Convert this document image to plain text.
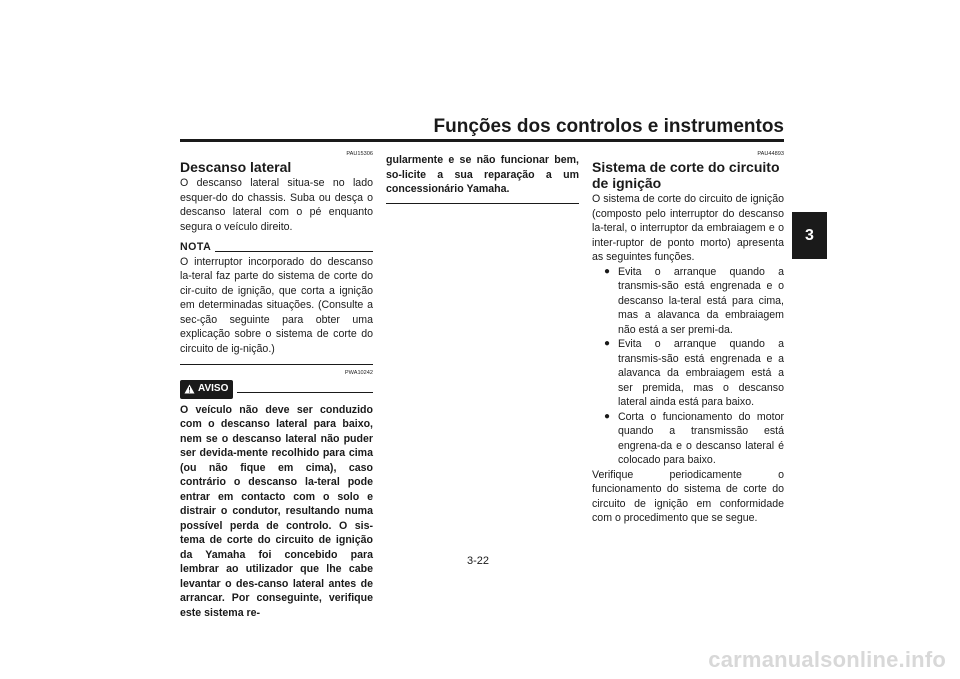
Funções dos controlos e instrumentos
3
PAU15306
Descanso lateral

O descanso lateral situa-se no lado esquer-do do chassis. Suba ou desça o descanso lateral com o pé enquanto segura o veículo direito.

NOTA

O interruptor incorporado do descanso la-teral faz parte do sistema de corte do cir-cuito de ignição, que corta a ignição em determinadas situações. (Consulte a sec-ção seguinte para obter uma explicação sobre o sistema de corte do circuito de ig-nição.)

PWA10242
AVISO

O veículo não deve ser conduzido com o descanso lateral para baixo, nem se o descanso lateral não puder ser devida-mente recolhido para cima (ou não fique em cima), caso contrário o descanso la-teral pode entrar em contacto com o solo e distrair o condutor, resultando numa possível perda de controlo. O sis-tema de corte do circuito de ignição da Yamaha foi concebido para lembrar ao utilizador que lhe cabe levantar o des-canso lateral antes de arrancar. Por conseguinte, verifique este sistema re-

gularmente e se não funcionar bem, so-licite a sua reparação a um concessionário Yamaha.

PAU44893
Sistema de corte do circuito de ignição

O sistema de corte do circuito de ignição (composto pelo interruptor do descanso la-teral, o interruptor da embraiagem e o inter-ruptor de ponto morto) apresenta as seguintes funções.

● Evita o arranque quando a transmis-são está engrenada e o descanso la-teral está para cima, mas a alavanca da embraiagem não está a ser premi-da.
● Evita o arranque quando a transmis-são está engrenada e a alavanca da embraiagem está a ser premida, mas o descanso lateral ainda está para baixo.
● Corta o funcionamento do motor quando a transmissão está engrena-da e o descanso lateral é colocado para baixo.

Verifique periodicamente o funcionamento do sistema de corte do circuito de ignição em conformidade com o procedimento que se segue.

3-22
carmanualsonline.info
